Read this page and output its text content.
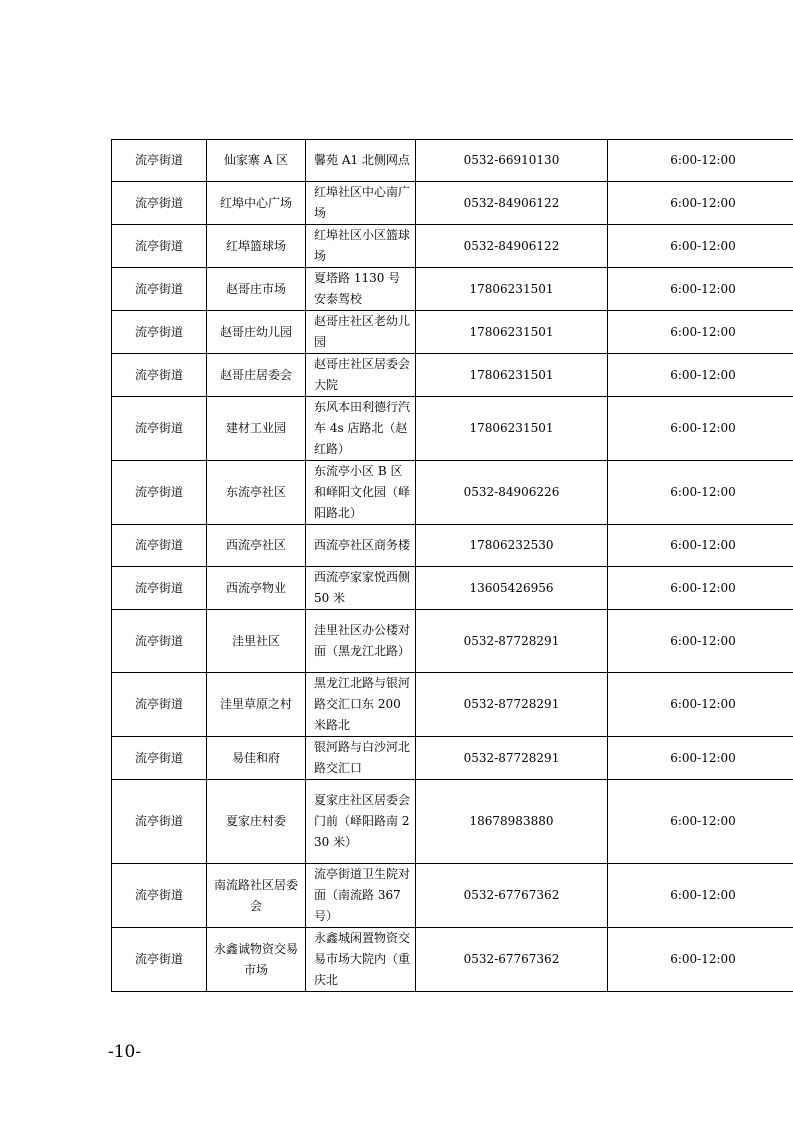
流亭街道	仙家寨 A 区	馨苑 A1 北侧网点	0532-66910130	6:00-12:00
流亭街道	红埠中心广场	红埠社区中心南广场	0532-84906122	6:00-12:00
流亭街道	红埠篮球场	红埠社区小区篮球场	0532-84906122	6:00-12:00
流亭街道	赵哥庄市场	夏塔路 1130 号安泰驾校	17806231501	6:00-12:00
流亭街道	赵哥庄幼儿园	赵哥庄社区老幼儿园	17806231501	6:00-12:00
流亭街道	赵哥庄居委会	赵哥庄社区居委会大院	17806231501	6:00-12:00
流亭街道	建材工业园	东风本田利德行汽车 4s 店路北（赵红路）	17806231501	6:00-12:00
流亭街道	东流亭社区	东流亭小区 B 区和峄阳文化园（峄阳路北）	0532-84906226	6:00-12:00
流亭街道	西流亭社区	西流亭社区商务楼	17806232530	6:00-12:00
流亭街道	西流亭物业	西流亭家家悦西侧 50 米	13605426956	6:00-12:00
流亭街道	洼里社区	洼里社区办公楼对面（黑龙江北路）	0532-87728291	6:00-12:00
流亭街道	洼里草原之村	黑龙江北路与银河路交汇口东 200 米路北	0532-87728291	6:00-12:00
流亭街道	易佳和府	银河路与白沙河北路交汇口	0532-87728291	6:00-12:00
流亭街道	夏家庄村委	夏家庄社区居委会门前（峄阳路南 230 米）	18678983880	6:00-12:00
流亭街道	南流路社区居委会	流亭街道卫生院对面（南流路 367 号）	0532-67767362	6:00-12:00
流亭街道	永鑫诚物资交易市场	永鑫城闲置物资交易市场大院内（重庆北	0532-67767362	6:00-12:00
-10-
